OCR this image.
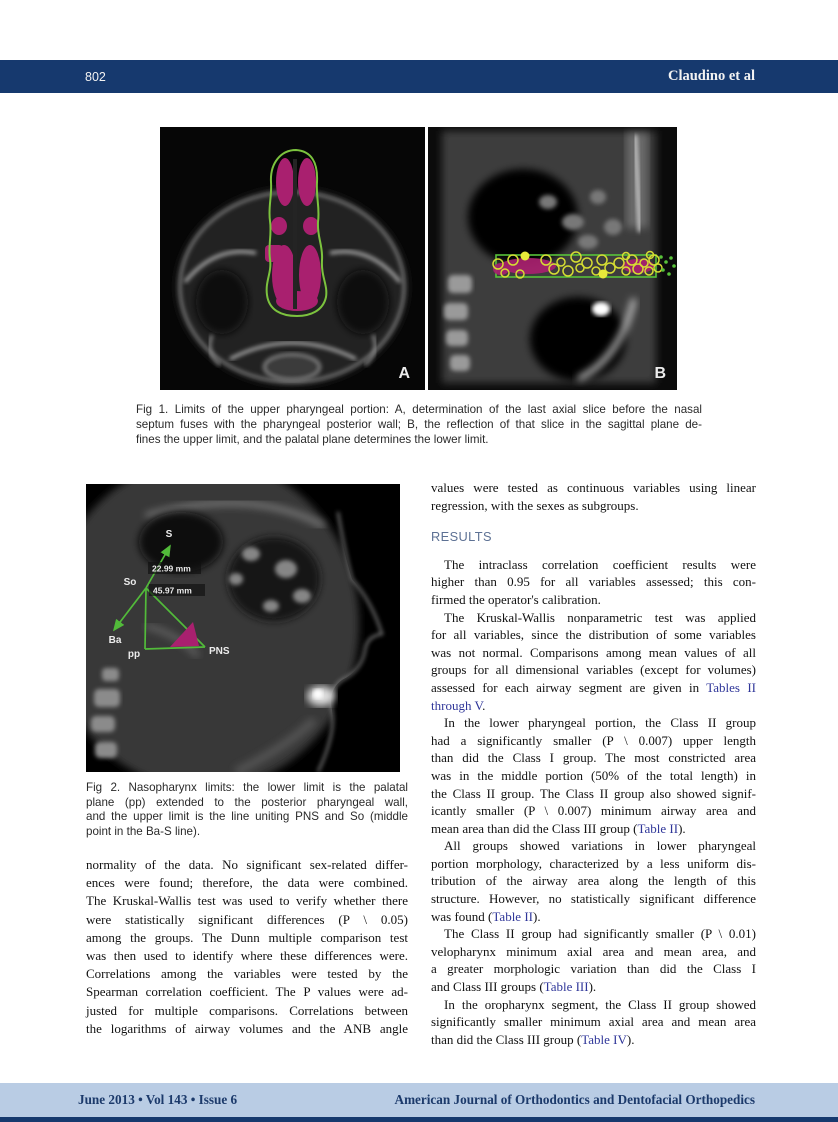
802	Claudino et al
A	B
Fig 1. Limits of the upper pharyngeal portion: A, determination of the last axial slice before the nasal
septum fuses with the pharyngeal posterior wall; B, the reflection of that slice in the sagittal plane de-
fines the upper limit, and the palatal plane determines the lower limit.
S
So
Ba
pp	PNS
22.99 mm
45.97 mm
Fig 2. Nasopharynx limits: the lower limit is the palatal
plane (pp) extended to the posterior pharyngeal wall,
and the upper limit is the line uniting PNS and So (middle
point in the Ba-S line).
normality of the data. No significant sex-related differ-
ences were found; therefore, the data were combined.
The Kruskal-Wallis test was used to verify whether there
were statistically significant differences (P \ 0.05)
among the groups. The Dunn multiple comparison test
was then used to identify where these differences were.
Correlations among the variables were tested by the
Spearman correlation coefficient. The P values were ad-
justed for multiple comparisons. Correlations between
the logarithms of airway volumes and the ANB angle
values were tested as continuous variables using linear
regression, with the sexes as subgroups.
RESULTS
The intraclass correlation coefficient results were
higher than 0.95 for all variables assessed; this con-
firmed the operator's calibration.
The Kruskal-Wallis nonparametric test was applied
for all variables, since the distribution of some variables
was not normal. Comparisons among mean values of all
groups for all dimensional variables (except for volumes)
assessed for each airway segment are given in Tables II
through V.
In the lower pharyngeal portion, the Class II group
had a significantly smaller (P \ 0.007) upper length
than did the Class I group. The most constricted area
was in the middle portion (50% of the total length) in
the Class II group. The Class II group also showed signif-
icantly smaller (P \ 0.007) minimum airway area and
mean area than did the Class III group (Table II).
All groups showed variations in lower pharyngeal
portion morphology, characterized by a less uniform dis-
tribution of the airway area along the length of this
structure. However, no statistically significant difference
was found (Table II).
The Class II group had significantly smaller (P \ 0.01)
velopharynx minimum axial area and mean area, and
a greater morphologic variation than did the Class I
and Class III groups (Table III).
In the oropharynx segment, the Class II group showed
significantly smaller minimum axial area and mean area
than did the Class III group (Table IV).
June 2013 • Vol 143 • Issue 6	American Journal of Orthodontics and Dentofacial Orthopedics
